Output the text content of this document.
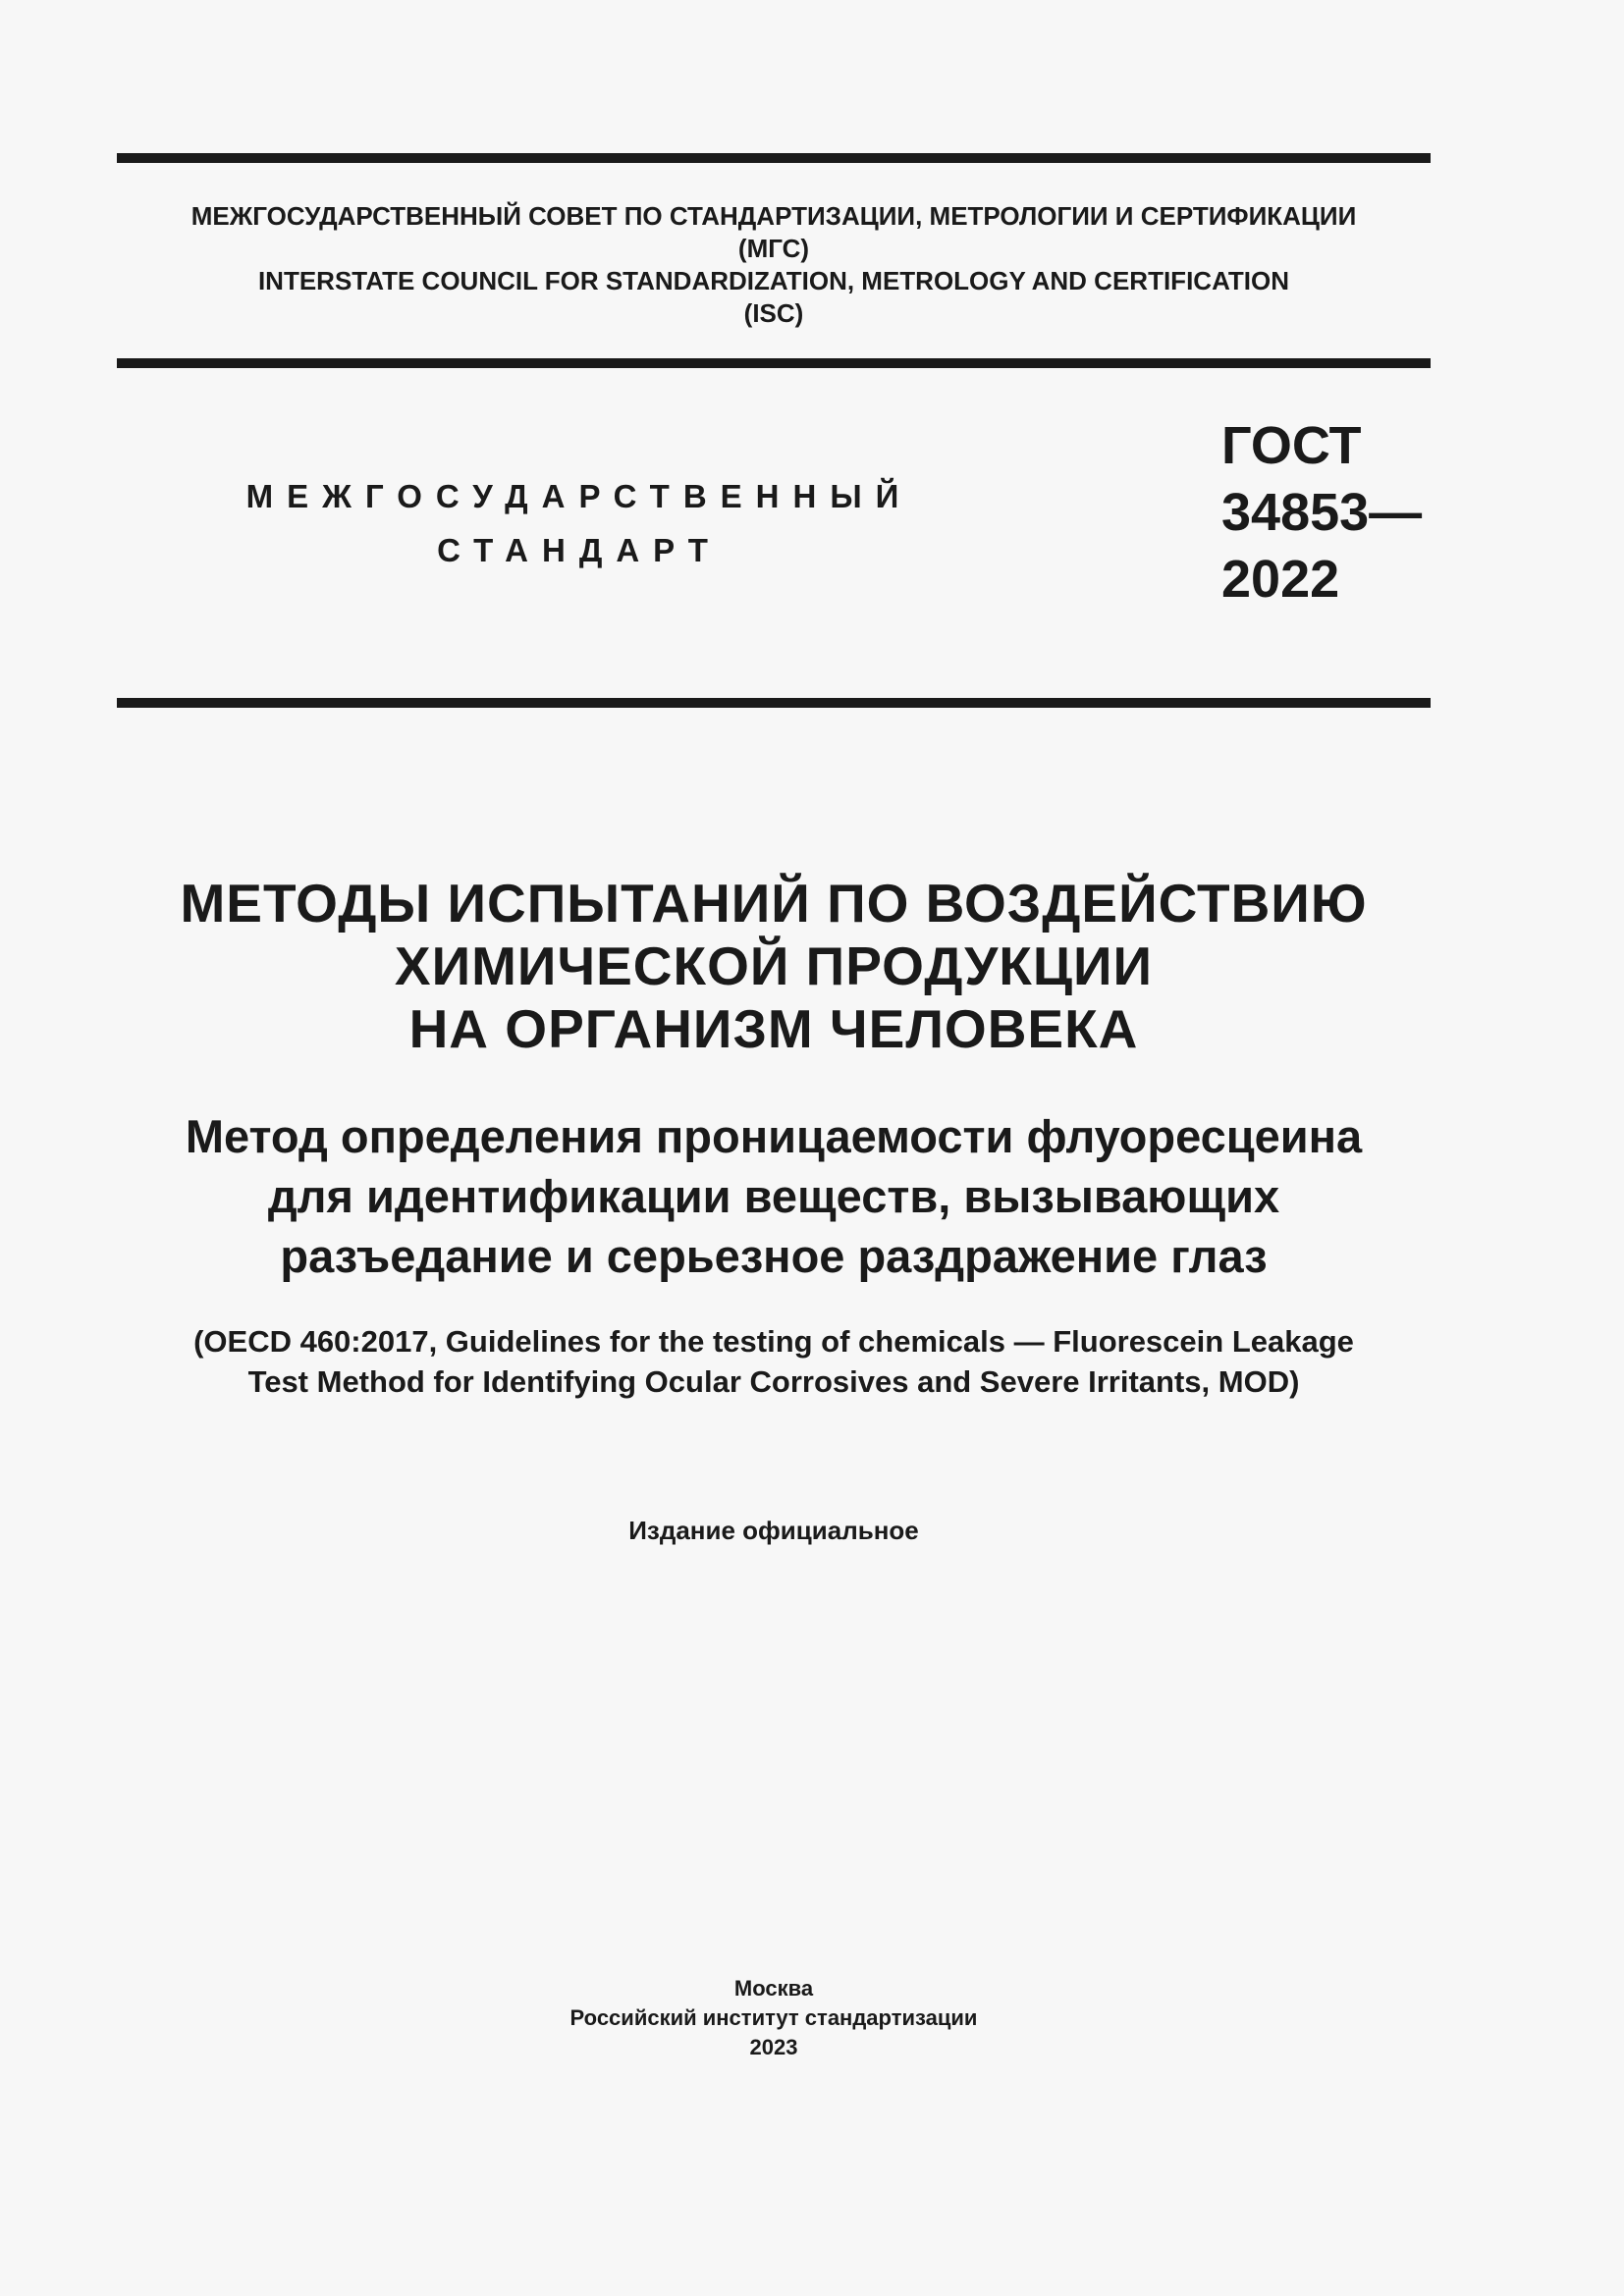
МЕЖГОСУДАРСТВЕННЫЙ СОВЕТ ПО СТАНДАРТИЗАЦИИ, МЕТРОЛОГИИ И СЕРТИФИКАЦИИ
(МГС)
INTERSTATE COUNCIL FOR STANDARDIZATION, METROLOGY AND CERTIFICATION
(ISC)
МЕЖГОСУДАРСТВЕННЫЙ
СТАНДАРТ
ГОСТ
34853—
2022
МЕТОДЫ ИСПЫТАНИЙ ПО ВОЗДЕЙСТВИЮ
ХИМИЧЕСКОЙ ПРОДУКЦИИ
НА ОРГАНИЗМ ЧЕЛОВЕКА
Метод определения проницаемости флуоресцеина
для идентификации веществ, вызывающих
разъедание и серьезное раздражение глаз
(OECD 460:2017, Guidelines for the testing of chemicals — Fluorescein Leakage
Test Method for Identifying Ocular Corrosives and Severe Irritants, MOD)
Издание официальное
Москва
Российский институт стандартизации
2023
